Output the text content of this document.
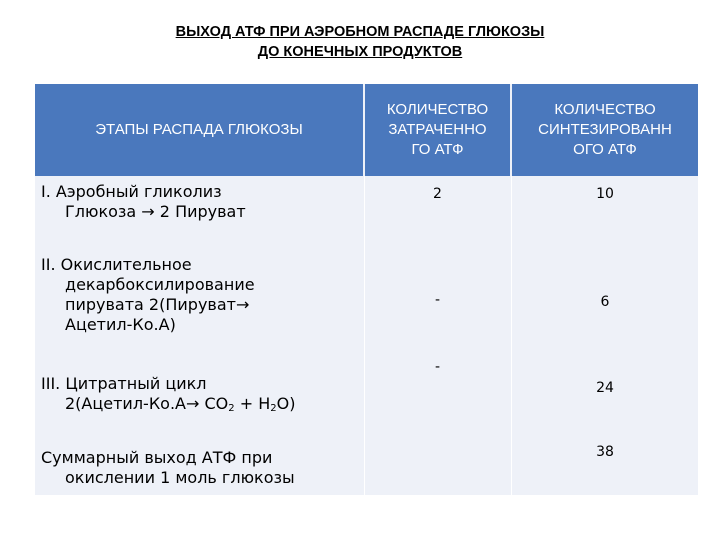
ВЫХОД АТФ ПРИ АЭРОБНОМ РАСПАДЕ ГЛЮКОЗЫ
ДО КОНЕЧНЫХ ПРОДУКТОВ
ЭТАПЫ РАСПАДА ГЛЮКОЗЫ
КОЛИЧЕСТВО
ЗАТРАЧЕННО
ГО АТФ
КОЛИЧЕСТВО
СИНТЕЗИРОВАНН
ОГО АТФ
I. Аэробный гликолиз
Глюкоза → 2 Пируват
2	10
II. Окислительное
декарбоксилирование
пирувата 2(Пируват→
Ацетил-Ко.А)
-	6
III. Цитратный цикл
2(Ацетил-Ко.А→ $СО_2 + Н_2О$)
-
24
Суммарный выход АТФ при
окислении 1 моль глюкозы
38
